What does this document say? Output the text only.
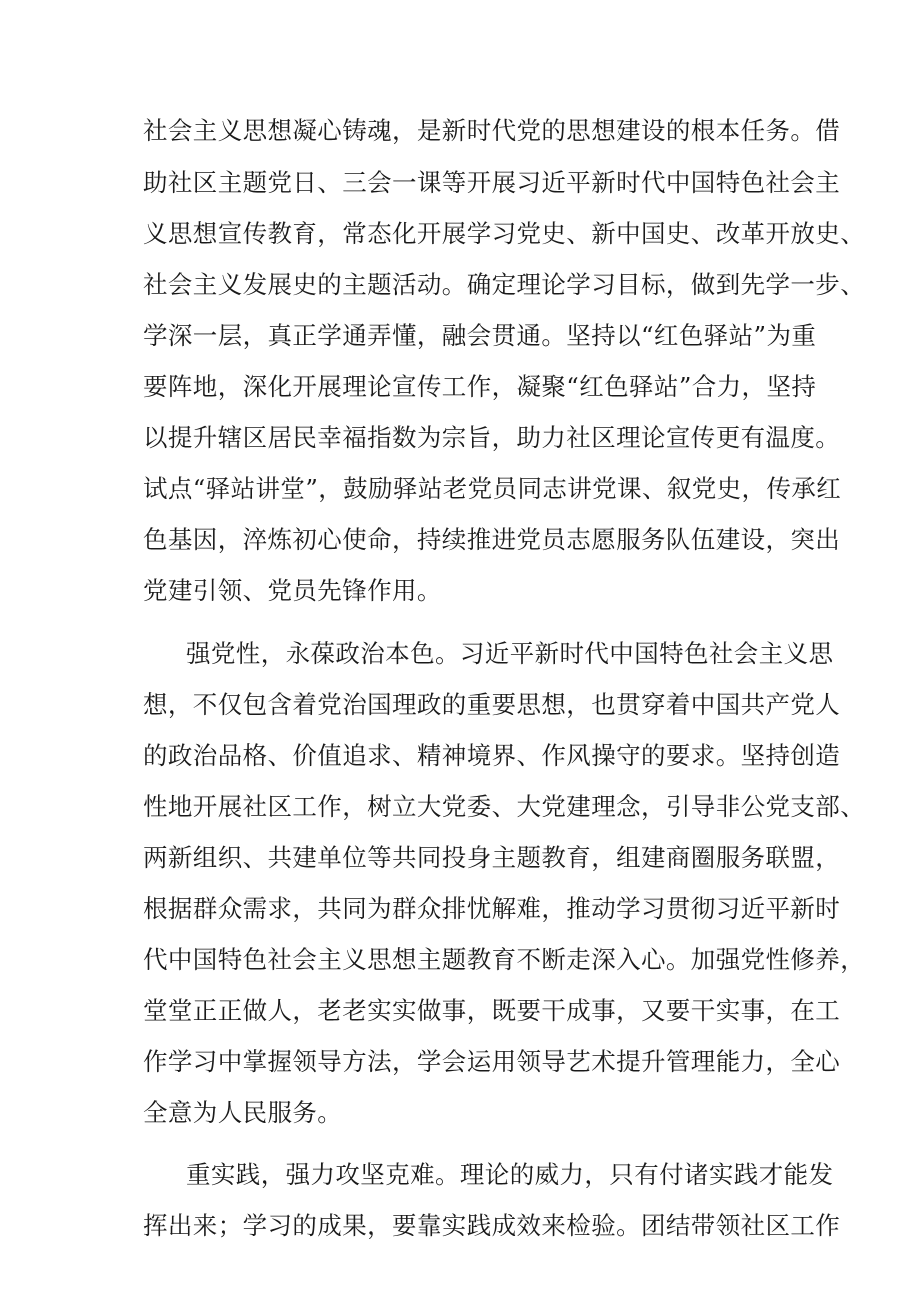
社会主义思想凝心铸魂，是新时代党的思想建设的根本任务。借
助社区主题党日、三会一课等开展习近平新时代中国特色社会主
义思想宣传教育，常态化开展学习党史、新中国史、改革开放史、
社会主义发展史的主题活动。确定理论学习目标，做到先学一步、
学深一层，真正学通弄懂，融会贯通。坚持以“红色驿站”为重
要阵地，深化开展理论宣传工作，凝聚“红色驿站”合力，坚持
以提升辖区居民幸福指数为宗旨，助力社区理论宣传更有温度。
试点“驿站讲堂”，鼓励驿站老党员同志讲党课、叙党史，传承红
色基因，淬炼初心使命，持续推进党员志愿服务队伍建设，突出
党建引领、党员先锋作用。
强党性，永葆政治本色。习近平新时代中国特色社会主义思
想，不仅包含着党治国理政的重要思想，也贯穿着中国共产党人
的政治品格、价值追求、精神境界、作风操守的要求。坚持创造
性地开展社区工作，树立大党委、大党建理念，引导非公党支部、
两新组织、共建单位等共同投身主题教育，组建商圈服务联盟，
根据群众需求，共同为群众排忧解难，推动学习贯彻习近平新时
代中国特色社会主义思想主题教育不断走深入心。加强党性修养，
堂堂正正做人，老老实实做事，既要干成事，又要干实事，在工
作学习中掌握领导方法，学会运用领导艺术提升管理能力，全心
全意为人民服务。
重实践，强力攻坚克难。理论的威力，只有付诸实践才能发
挥出来；学习的成果，要靠实践成效来检验。团结带领社区工作
